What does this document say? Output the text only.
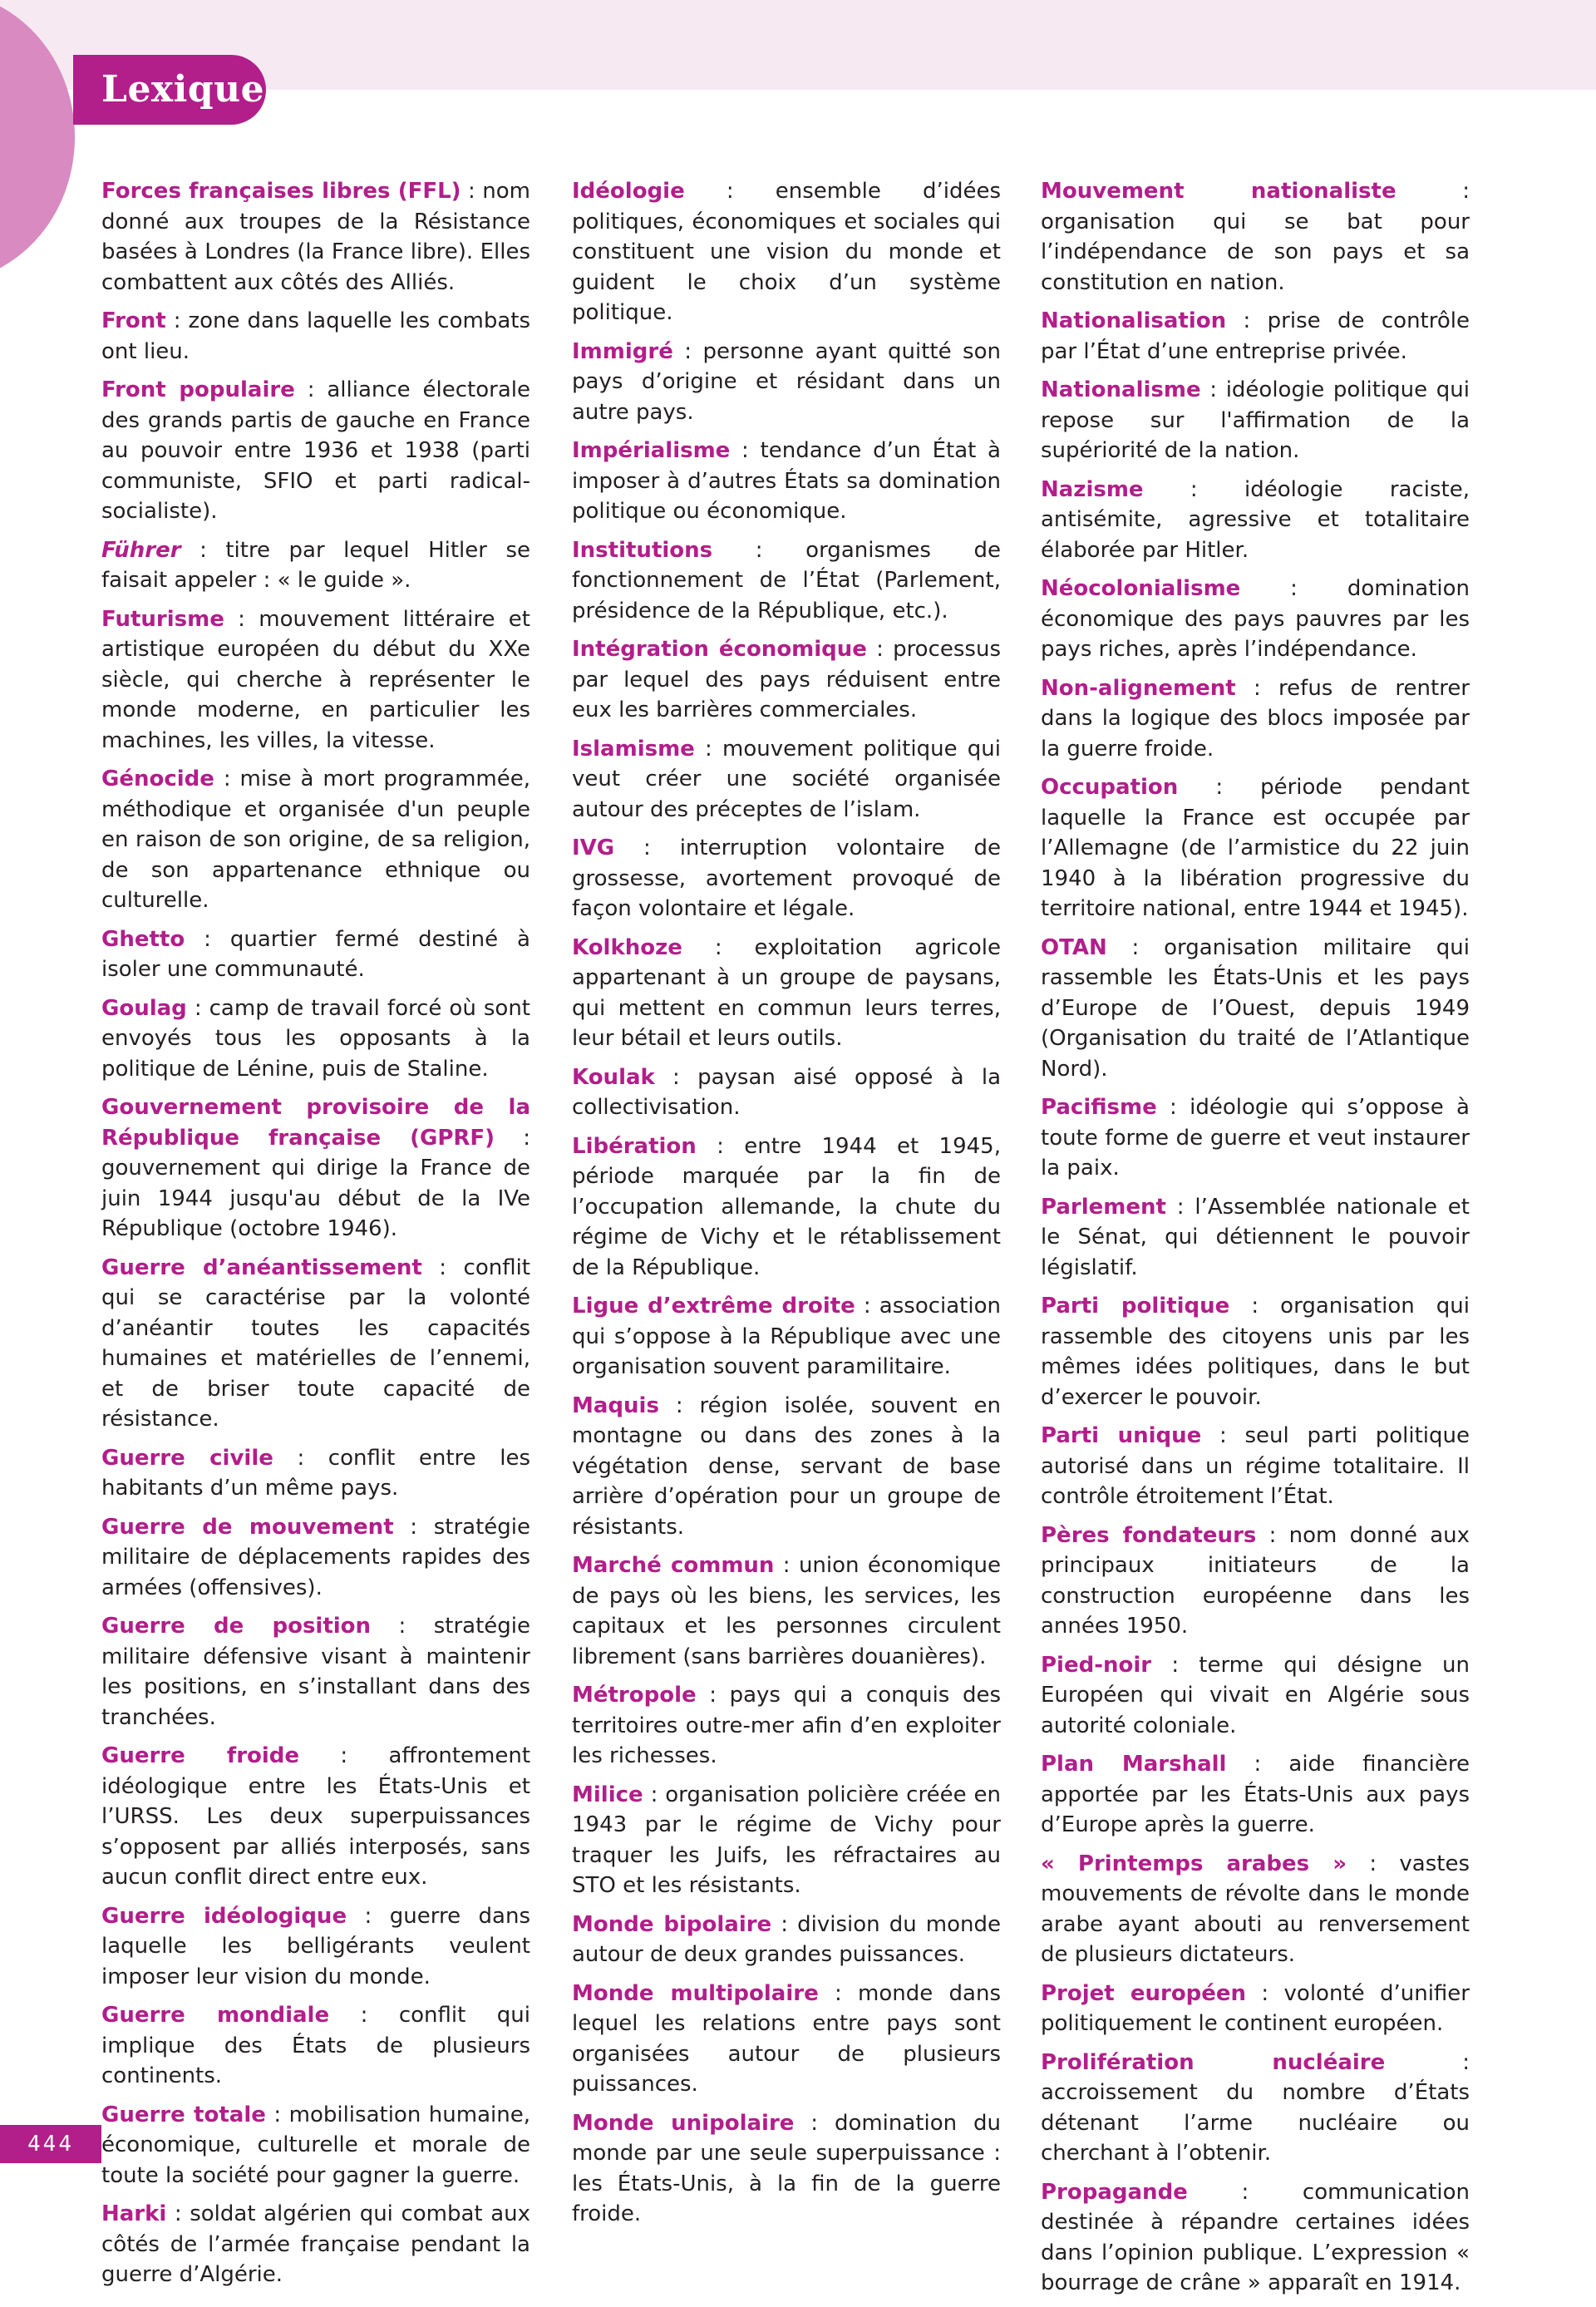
Lexique

Forces françaises libres (FFL) : nom donné aux troupes de la Résistance basées à Londres (la France libre). Elles combattent aux côtés des Alliés.

Front : zone dans laquelle les combats ont lieu.

Front populaire : alliance électorale des grands partis de gauche en France au pouvoir entre 1936 et 1938 (parti communiste, SFIO et parti radical-socialiste).

Führer : titre par lequel Hitler se faisait appeler : « le guide ».

Futurisme : mouvement littéraire et artistique européen du début du XXe siècle, qui cherche à représenter le monde moderne, en particulier les machines, les villes, la vitesse.

Génocide : mise à mort programmée, méthodique et organisée d'un peuple en raison de son origine, de sa religion, de son appartenance ethnique ou culturelle.

Ghetto : quartier fermé destiné à isoler une communauté.

Goulag : camp de travail forcé où sont envoyés tous les opposants à la politique de Lénine, puis de Staline.

Gouvernement provisoire de la République française (GPRF) : gouvernement qui dirige la France de juin 1944 jusqu'au début de la IVe République (octobre 1946).

Guerre d’anéantissement : conflit qui se caractérise par la volonté d’anéantir toutes les capacités humaines et matérielles de l’ennemi, et de briser toute capacité de résistance.

Guerre civile : conflit entre les habitants d’un même pays.

Guerre de mouvement : stratégie militaire de déplacements rapides des armées (offensives).

Guerre de position : stratégie militaire défensive visant à maintenir les positions, en s’installant dans des tranchées.

Guerre froide : affrontement idéologique entre les États-Unis et l’URSS. Les deux superpuissances s’opposent par alliés interposés, sans aucun conflit direct entre eux.

Guerre idéologique : guerre dans laquelle les belligérants veulent imposer leur vision du monde.

Guerre mondiale : conflit qui implique des États de plusieurs continents.

Guerre totale : mobilisation humaine, économique, culturelle et morale de toute la société pour gagner la guerre.

Harki : soldat algérien qui combat aux côtés de l’armée française pendant la guerre d’Algérie.

Idéologie : ensemble d’idées politiques, économiques et sociales qui constituent une vision du monde et guident le choix d’un système politique.

Immigré : personne ayant quitté son pays d’origine et résidant dans un autre pays.

Impérialisme : tendance d’un État à imposer à d’autres États sa domination politique ou économique.

Institutions : organismes de fonctionnement de l’État (Parlement, présidence de la République, etc.).

Intégration économique : processus par lequel des pays réduisent entre eux les barrières commerciales.

Islamisme : mouvement politique qui veut créer une société organisée autour des préceptes de l’islam.

IVG : interruption volontaire de grossesse, avortement provoqué de façon volontaire et légale.

Kolkhoze : exploitation agricole appartenant à un groupe de paysans, qui mettent en commun leurs terres, leur bétail et leurs outils.

Koulak : paysan aisé opposé à la collectivisation.

Libération : entre 1944 et 1945, période marquée par la fin de l’occupation allemande, la chute du régime de Vichy et le rétablissement de la République.

Ligue d’extrême droite : association qui s’oppose à la République avec une organisation souvent paramilitaire.

Maquis : région isolée, souvent en montagne ou dans des zones à la végétation dense, servant de base arrière d’opération pour un groupe de résistants.

Marché commun : union économique de pays où les biens, les services, les capitaux et les personnes circulent librement (sans barrières douanières).

Métropole : pays qui a conquis des territoires outre-mer afin d’en exploiter les richesses.

Milice : organisation policière créée en 1943 par le régime de Vichy pour traquer les Juifs, les réfractaires au STO et les résistants.

Monde bipolaire : division du monde autour de deux grandes puissances.

Monde multipolaire : monde dans lequel les relations entre pays sont organisées autour de plusieurs puissances.

Monde unipolaire : domination du monde par une seule superpuissance : les États-Unis, à la fin de la guerre froide.

Mouvement nationaliste : organisation qui se bat pour l’indépendance de son pays et sa constitution en nation.

Nationalisation : prise de contrôle par l’État d’une entreprise privée.

Nationalisme : idéologie politique qui repose sur l'affirmation de la supériorité de la nation.

Nazisme : idéologie raciste, antisémite, agressive et totalitaire élaborée par Hitler.

Néocolonialisme : domination économique des pays pauvres par les pays riches, après l’indépendance.

Non-alignement : refus de rentrer dans la logique des blocs imposée par la guerre froide.

Occupation : période pendant laquelle la France est occupée par l’Allemagne (de l’armistice du 22 juin 1940 à la libération progressive du territoire national, entre 1944 et 1945).

OTAN : organisation militaire qui rassemble les États-Unis et les pays d’Europe de l’Ouest, depuis 1949 (Organisation du traité de l’Atlantique Nord).

Pacifisme : idéologie qui s’oppose à toute forme de guerre et veut instaurer la paix.

Parlement : l’Assemblée nationale et le Sénat, qui détiennent le pouvoir législatif.

Parti politique : organisation qui rassemble des citoyens unis par les mêmes idées politiques, dans le but d’exercer le pouvoir.

Parti unique : seul parti politique autorisé dans un régime totalitaire. Il contrôle étroitement l’État.

Pères fondateurs : nom donné aux principaux initiateurs de la construction européenne dans les années 1950.

Pied-noir : terme qui désigne un Européen qui vivait en Algérie sous autorité coloniale.

Plan Marshall : aide financière apportée par les États-Unis aux pays d’Europe après la guerre.

« Printemps arabes » : vastes mouvements de révolte dans le monde arabe ayant abouti au renversement de plusieurs dictateurs.

Projet européen : volonté d’unifier politiquement le continent européen.

Prolifération nucléaire : accroissement du nombre d’États détenant l’arme nucléaire ou cherchant à l’obtenir.

Propagande : communication destinée à répandre certaines idées dans l’opinion publique. L’expression « bourrage de crâne » apparaît en 1914.

444
